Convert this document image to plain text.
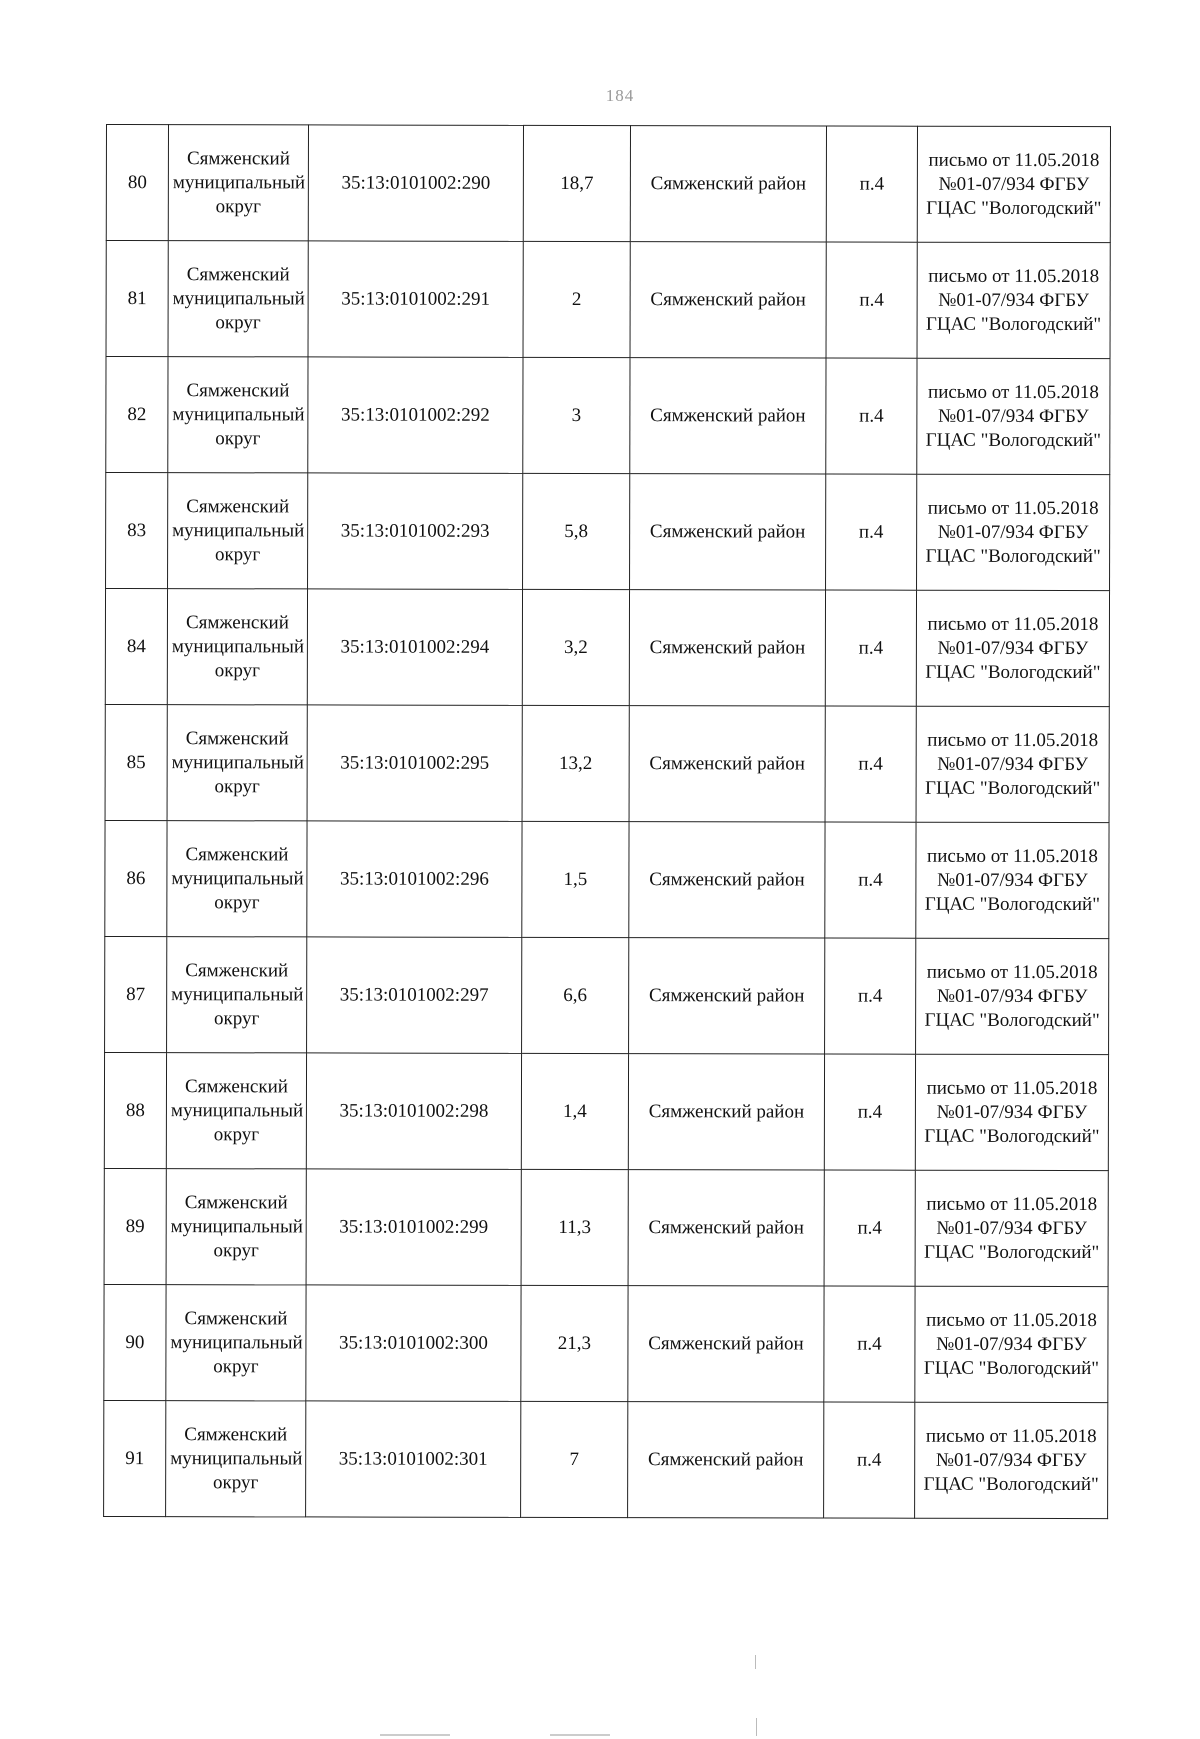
184
80	Сямженский муниципальный округ	35:13:0101002:290	18,7	Сямженский район	п.4	письмо от 11.05.2018 №01-07/934 ФГБУ ГЦАС "Вологодский"
81	Сямженский муниципальный округ	35:13:0101002:291	2	Сямженский район	п.4	письмо от 11.05.2018 №01-07/934 ФГБУ ГЦАС "Вологодский"
82	Сямженский муниципальный округ	35:13:0101002:292	3	Сямженский район	п.4	письмо от 11.05.2018 №01-07/934 ФГБУ ГЦАС "Вологодский"
83	Сямженский муниципальный округ	35:13:0101002:293	5,8	Сямженский район	п.4	письмо от 11.05.2018 №01-07/934 ФГБУ ГЦАС "Вологодский"
84	Сямженский муниципальный округ	35:13:0101002:294	3,2	Сямженский район	п.4	письмо от 11.05.2018 №01-07/934 ФГБУ ГЦАС "Вологодский"
85	Сямженский муниципальный округ	35:13:0101002:295	13,2	Сямженский район	п.4	письмо от 11.05.2018 №01-07/934 ФГБУ ГЦАС "Вологодский"
86	Сямженский муниципальный округ	35:13:0101002:296	1,5	Сямженский район	п.4	письмо от 11.05.2018 №01-07/934 ФГБУ ГЦАС "Вологодский"
87	Сямженский муниципальный округ	35:13:0101002:297	6,6	Сямженский район	п.4	письмо от 11.05.2018 №01-07/934 ФГБУ ГЦАС "Вологодский"
88	Сямженский муниципальный округ	35:13:0101002:298	1,4	Сямженский район	п.4	письмо от 11.05.2018 №01-07/934 ФГБУ ГЦАС "Вологодский"
89	Сямженский муниципальный округ	35:13:0101002:299	11,3	Сямженский район	п.4	письмо от 11.05.2018 №01-07/934 ФГБУ ГЦАС "Вологодский"
90	Сямженский муниципальный округ	35:13:0101002:300	21,3	Сямженский район	п.4	письмо от 11.05.2018 №01-07/934 ФГБУ ГЦАС "Вологодский"
91	Сямженский муниципальный округ	35:13:0101002:301	7	Сямженский район	п.4	письмо от 11.05.2018 №01-07/934 ФГБУ ГЦАС "Вологодский"
